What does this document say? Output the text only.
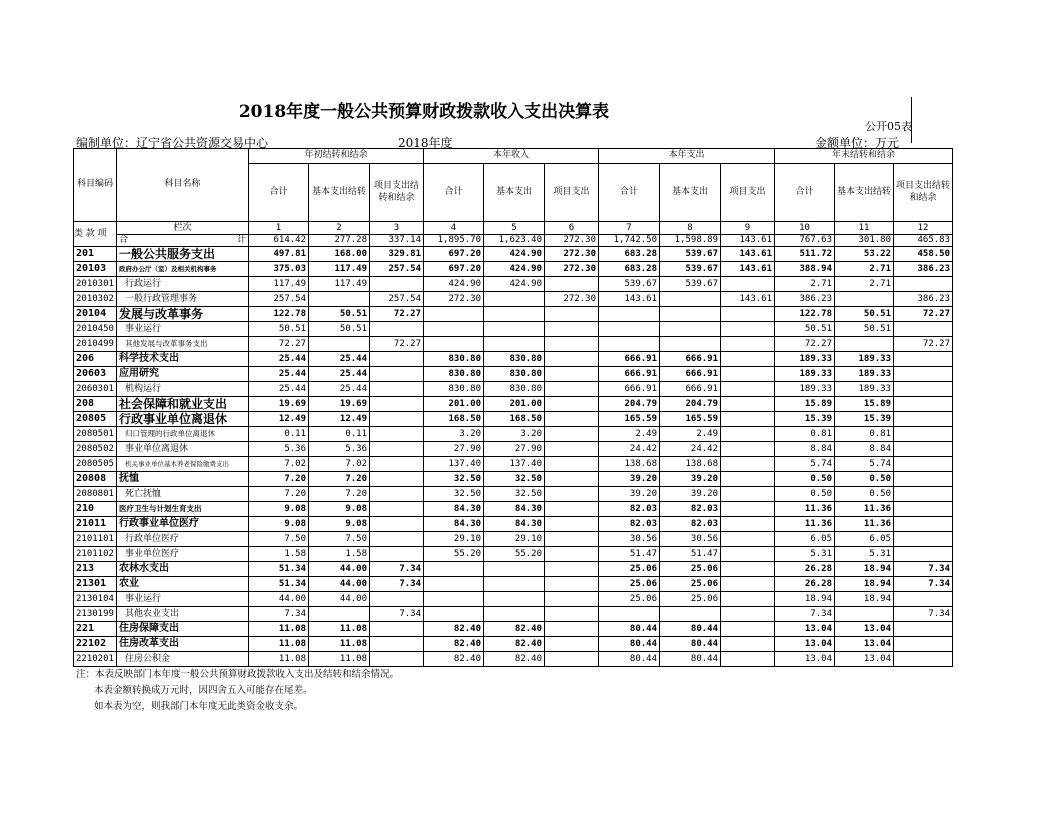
2018年度一般公共预算财政拨款收入支出决算表
公开05表
编制单位：辽宁省公共资源交易中心	2018年度	金额单位：万元
科目编码	科目名称	年初结转和结余			本年收入			本年支出			年末结转和结余		
		合计	基本支出结转	项目支出结转和结余	合计	基本支出	项目支出	合计	基本支出	项目支出	合计	基本支出结转	项目支出结转和结余
类 款 项	栏次	1	2	3	4	5	6	7	8	9	10	11	12

	合 计	614.42	277.28	337.14	1,895.70	1,623.40	272.30	1,742.50	1,598.89	143.61	767.63	301.80	465.83
201	一般公共服务支出	497.81	168.00	329.81	697.20	424.90	272.30	683.28	539.67	143.61	511.72	53.22	458.50
20103	政府办公厅（室）及相关机构事务	375.03	117.49	257.54	697.20	424.90	272.30	683.28	539.67	143.61	388.94	2.71	386.23
2010301	行政运行	117.49	117.49		424.90	424.90		539.67	539.67		2.71	2.71	
2010302	一般行政管理事务	257.54		257.54	272.30		272.30	143.61		143.61	386.23		386.23
20104	发展与改革事务	122.78	50.51	72.27							122.78	50.51	72.27
2010450	事业运行	50.51	50.51								50.51	50.51	
2010499	其他发展与改革事务支出	72.27		72.27							72.27		72.27
206	科学技术支出	25.44	25.44		830.80	830.80		666.91	666.91		189.33	189.33	
20603	应用研究	25.44	25.44		830.80	830.80		666.91	666.91		189.33	189.33	
2060301	机构运行	25.44	25.44		830.80	830.80		666.91	666.91		189.33	189.33	
208	社会保障和就业支出	19.69	19.69		201.00	201.00		204.79	204.79		15.89	15.89	
20805	行政事业单位离退休	12.49	12.49		168.50	168.50		165.59	165.59		15.39	15.39	
2080501	归口管理的行政单位离退休	0.11	0.11		3.20	3.20		2.49	2.49		0.81	0.81	
2080502	事业单位离退休	5.36	5.36		27.90	27.90		24.42	24.42		8.84	8.84	
2080505	机关事业单位基本养老保险缴费支出	7.02	7.02		137.40	137.40		138.68	138.68		5.74	5.74	
20808	抚恤	7.20	7.20		32.50	32.50		39.20	39.20		0.50	0.50	
2080801	死亡抚恤	7.20	7.20		32.50	32.50		39.20	39.20		0.50	0.50	
210	医疗卫生与计划生育支出	9.08	9.08		84.30	84.30		82.03	82.03		11.36	11.36	
21011	行政事业单位医疗	9.08	9.08		84.30	84.30		82.03	82.03		11.36	11.36	
2101101	行政单位医疗	7.50	7.50		29.10	29.10		30.56	30.56		6.05	6.05	
2101102	事业单位医疗	1.58	1.58		55.20	55.20		51.47	51.47		5.31	5.31	
213	农林水支出	51.34	44.00	7.34				25.06	25.06		26.28	18.94	7.34
21301	农业	51.34	44.00	7.34				25.06	25.06		26.28	18.94	7.34
2130104	事业运行	44.00	44.00					25.06	25.06		18.94	18.94	
2130199	其他农业支出	7.34		7.34							7.34		7.34
221	住房保障支出	11.08	11.08		82.40	82.40		80.44	80.44		13.04	13.04	
22102	住房改革支出	11.08	11.08		82.40	82.40		80.44	80.44		13.04	13.04	
2210201	住房公积金	11.08	11.08		82.40	82.40		80.44	80.44		13.04	13.04	
注：本表反映部门本年度一般公共预算财政拨款收入支出及结转和结余情况。
本表金额转换成万元时，因四舍五入可能存在尾差。
如本表为空，则我部门本年度无此类资金收支余。
